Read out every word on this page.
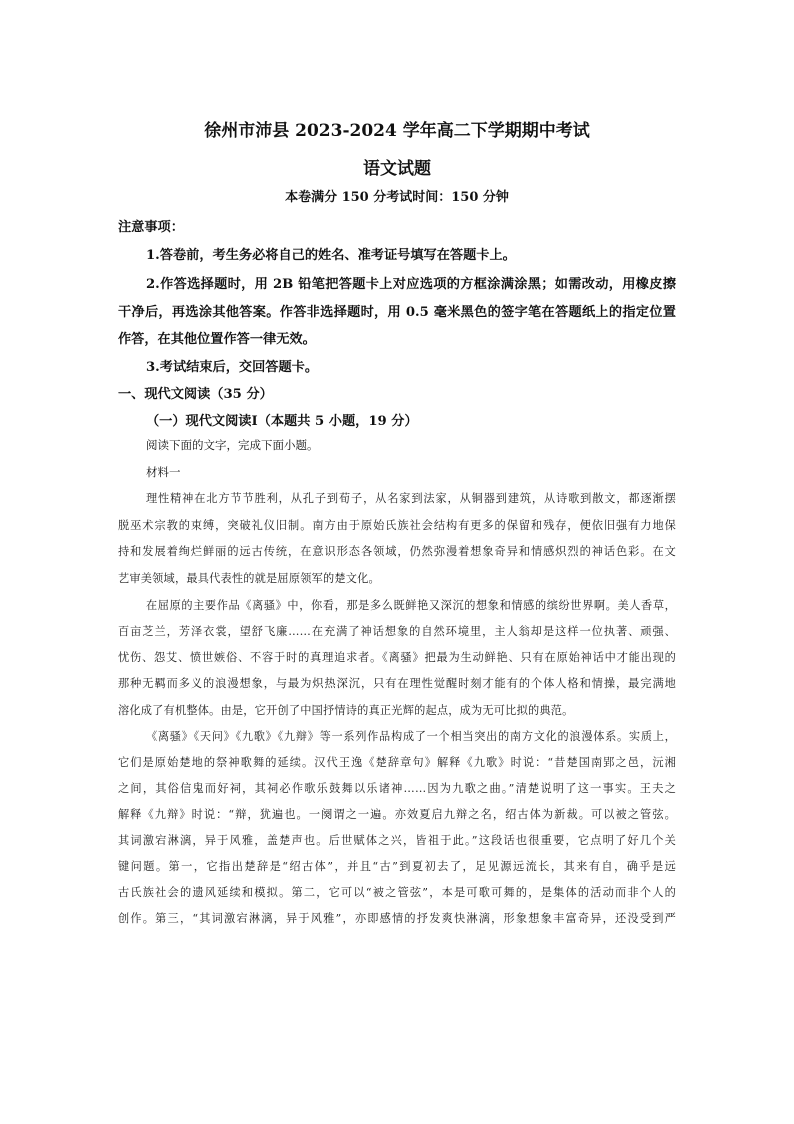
徐州市沛县 2023-2024 学年高二下学期期中考试
语文试题
本卷满分 150 分考试时间：150 分钟
注意事项：
1.答卷前，考生务必将自己的姓名、准考证号填写在答题卡上。
2.作答选择题时，用 2B 铅笔把答题卡上对应选项的方框涂满涂黑；如需改动，用橡皮擦
干净后，再选涂其他答案。作答非选择题时，用 0.5 毫米黑色的签字笔在答题纸上的指定位置
作答，在其他位置作答一律无效。
3.考试结束后，交回答题卡。
一、现代文阅读（35 分）
（一）现代文阅读Ⅰ（本题共 5 小题，19 分）
阅读下面的文字，完成下面小题。
材料一
理性精神在北方节节胜利，从孔子到荀子，从名家到法家，从铜器到建筑，从诗歌到散文，都逐渐摆
脱巫术宗教的束缚，突破礼仪旧制。南方由于原始氏族社会结构有更多的保留和残存，便依旧强有力地保
持和发展着绚烂鲜丽的远古传统，在意识形态各领域，仍然弥漫着想象奇异和情感炽烈的神话色彩。在文
艺审美领域，最具代表性的就是屈原领军的楚文化。
在屈原的主要作品《离骚》中，你看，那是多么既鲜艳又深沉的想象和情感的缤纷世界啊。美人香草，
百亩芝兰，芳泽衣裳，望舒飞廉……在充满了神话想象的自然环境里，主人翁却是这样一位执著、顽强、
忧伤、怨艾、愤世嫉俗、不容于时的真理追求者。《离骚》把最为生动鲜艳、只有在原始神话中才能出现的
那种无羁而多义的浪漫想象，与最为炽热深沉，只有在理性觉醒时刻才能有的个体人格和情操，最完满地
溶化成了有机整体。由是，它开创了中国抒情诗的真正光辉的起点，成为无可比拟的典范。
《离骚》《天问》《九歌》《九辩》等一系列作品构成了一个相当突出的南方文化的浪漫体系。实质上，
它们是原始楚地的祭神歌舞的延续。汉代王逸《楚辞章句》解释《九歌》时说：“昔楚国南郢之邑，沅湘
之间，其俗信鬼而好祠，其祠必作歌乐鼓舞以乐诸神……因为九歌之曲。”清楚说明了这一事实。王夫之
解释《九辩》时说：“辩，犹遍也。一阕谓之一遍。亦效夏启九辩之名，绍古体为新裁。可以被之管弦。
其词激宕淋漓，异于风雅，盖楚声也。后世赋体之兴，皆祖于此。”这段话也很重要，它点明了好几个关
键问题。第一，它指出楚辞是“绍古体”，并且“古”到夏初去了，足见源远流长，其来有自，确乎是远
古氏族社会的遗风延续和模拟。第二，它可以“被之管弦”，本是可歌可舞的，是集体的活动而非个人的
创作。第三，“其词激宕淋漓，异于风雅”，亦即感情的抒发爽快淋漓，形象想象丰富奇异，还没受到严
